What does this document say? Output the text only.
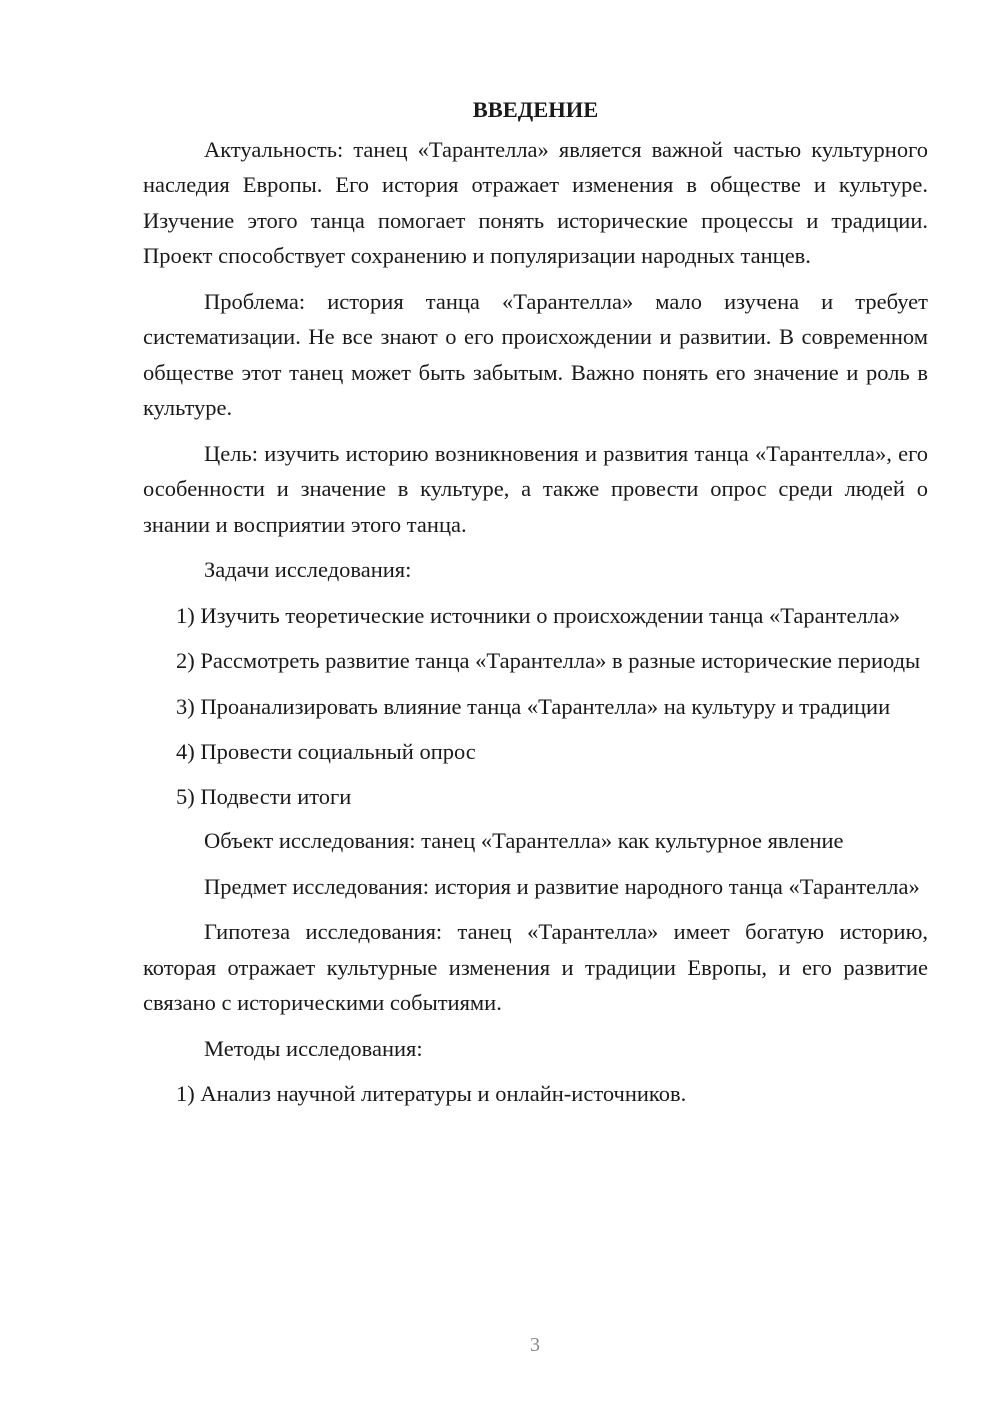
ВВЕДЕНИЕ

Актуальность: танец «Тарантелла» является важной частью культурного наследия Европы. Его история отражает изменения в обществе и культуре. Изучение этого танца помогает понять исторические процессы и традиции. Проект способствует сохранению и популяризации народных танцев.

Проблема: история танца «Тарантелла» мало изучена и требует систематизации. Не все знают о его происхождении и развитии. В современном обществе этот танец может быть забытым. Важно понять его значение и роль в культуре.

Цель: изучить историю возникновения и развития танца «Тарантелла», его особенности и значение в культуре, а также провести опрос среди людей о знании и восприятии этого танца.

Задачи исследования:

1) Изучить теоретические источники о происхождении танца «Тарантелла»

2) Рассмотреть развитие танца «Тарантелла» в разные исторические периоды

3) Проанализировать влияние танца «Тарантелла» на культуру и традиции

4) Провести социальный опрос

5) Подвести итоги

Объект исследования: танец «Тарантелла» как культурное явление

Предмет исследования: история и развитие народного танца «Тарантелла»

Гипотеза исследования: танец «Тарантелла» имеет богатую историю, которая отражает культурные изменения и традиции Европы, и его развитие связано с историческими событиями.

Методы исследования:

1) Анализ научной литературы и онлайн-источников.

3
